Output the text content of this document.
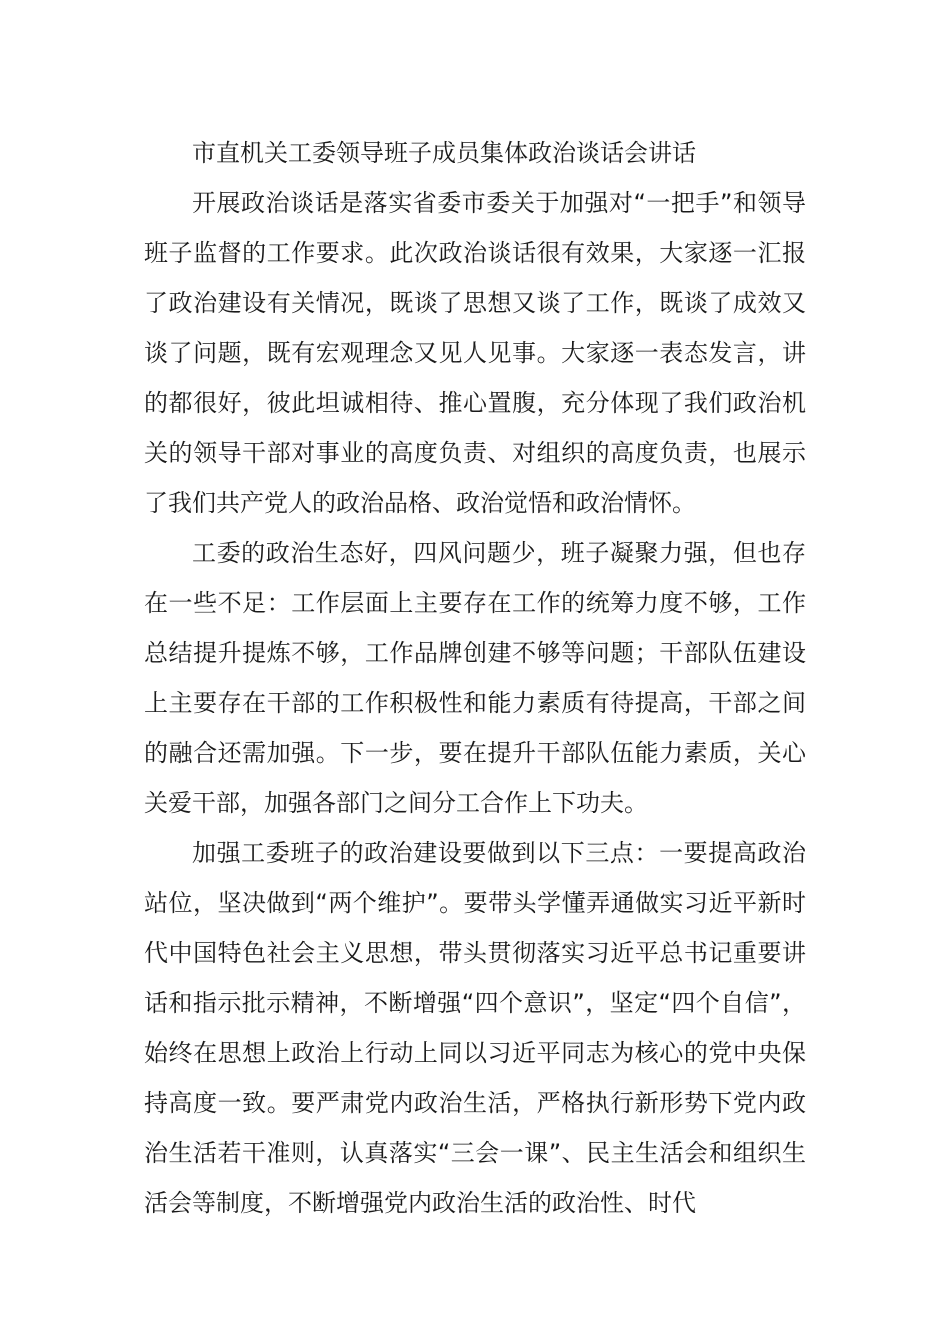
市直机关工委领导班子成员集体政治谈话会讲话

开展政治谈话是落实省委市委关于加强对“一把手”和领导班子监督的工作要求。此次政治谈话很有效果，大家逐一汇报了政治建设有关情况，既谈了思想又谈了工作，既谈了成效又谈了问题，既有宏观理念又见人见事。大家逐一表态发言，讲的都很好，彼此坦诚相待、推心置腹，充分体现了我们政治机关的领导干部对事业的高度负责、对组织的高度负责，也展示了我们共产党人的政治品格、政治觉悟和政治情怀。

工委的政治生态好，四风问题少，班子凝聚力强，但也存在一些不足：工作层面上主要存在工作的统筹力度不够，工作总结提升提炼不够，工作品牌创建不够等问题；干部队伍建设上主要存在干部的工作积极性和能力素质有待提高，干部之间的融合还需加强。下一步，要在提升干部队伍能力素质，关心关爱干部，加强各部门之间分工合作上下功夫。

加强工委班子的政治建设要做到以下三点：一要提高政治站位，坚决做到“两个维护”。要带头学懂弄通做实习近平新时代中国特色社会主义思想，带头贯彻落实习近平总书记重要讲话和指示批示精神，不断增强“四个意识”，坚定“四个自信”，始终在思想上政治上行动上同以习近平同志为核心的党中央保持高度一致。要严肃党内政治生活，严格执行新形势下党内政治生活若干准则，认真落实“三会一课”、民主生活会和组织生活会等制度，不断增强党内政治生活的政治性、时代
